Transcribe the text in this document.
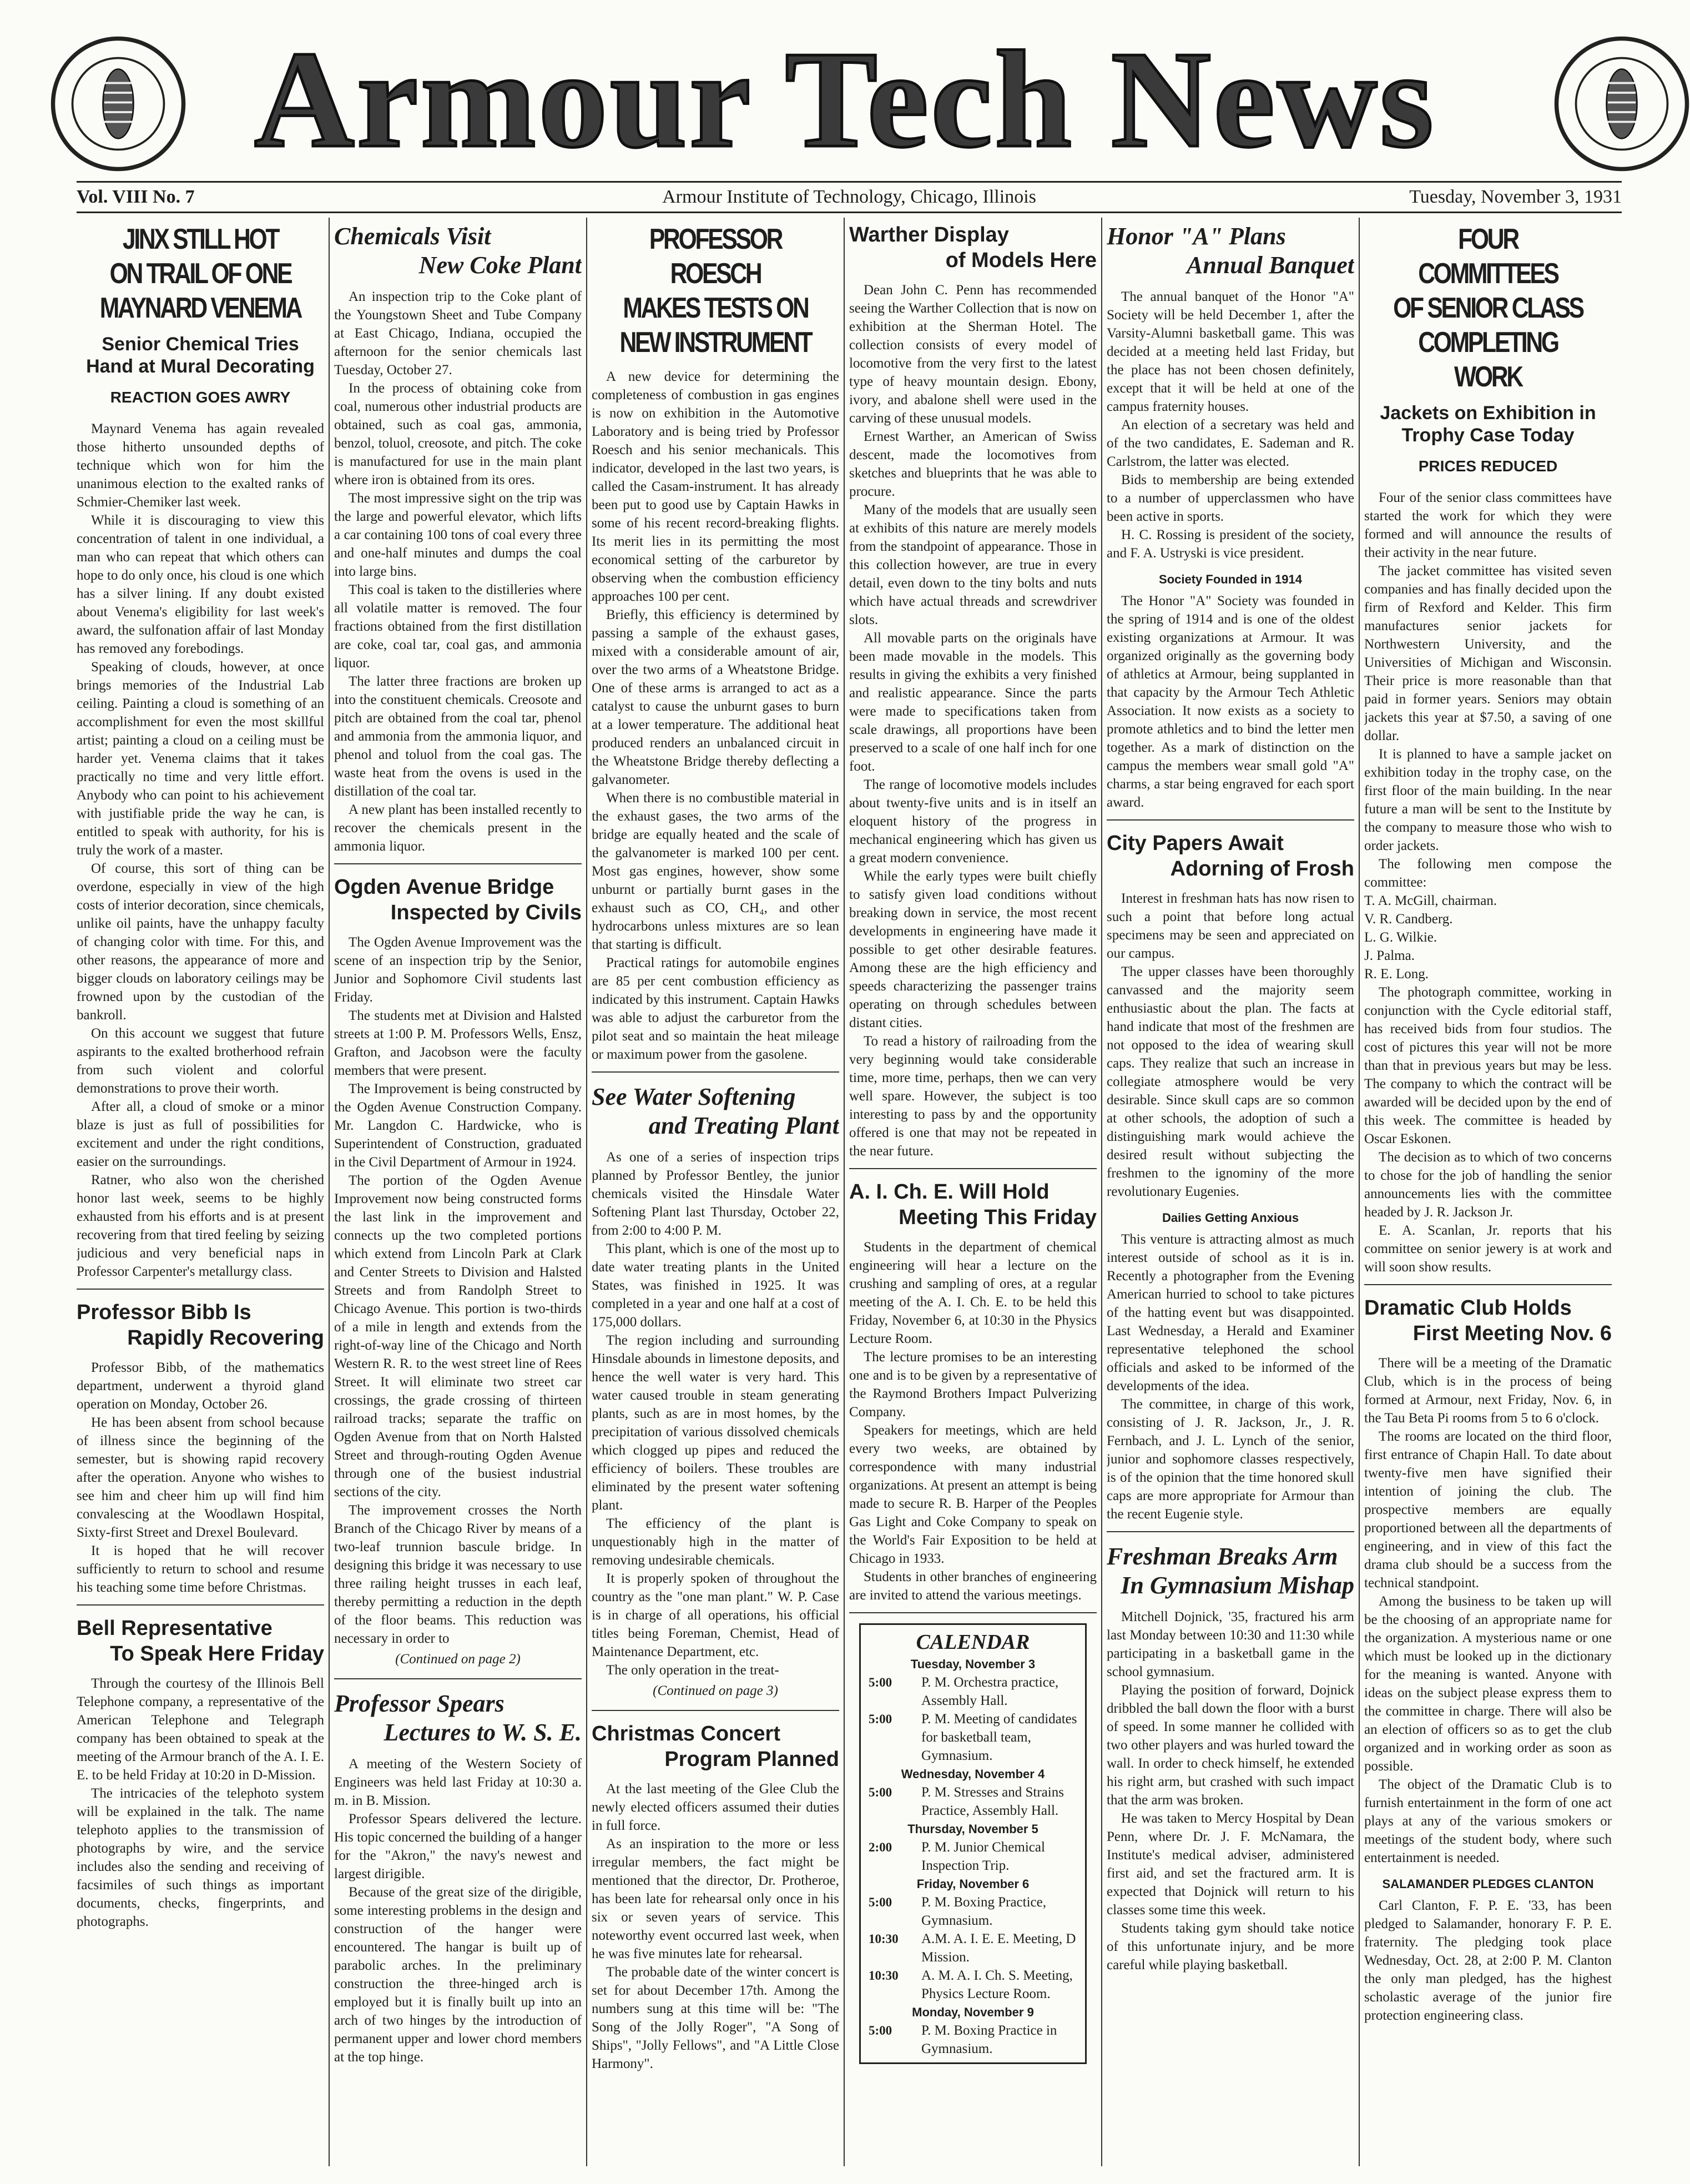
Armour Tech News
Vol. VIII No. 7	Armour Institute of Technology, Chicago, Illinois	Tuesday, November 3, 1931
JINX STILL HOT
ON TRAIL OF ONE
MAYNARD VENEMA
Senior Chemical Tries Hand at Mural Decorating
REACTION GOES AWRY

Maynard Venema has again revealed those hitherto unsounded depths of technique which won for him the unanimous election to the exalted ranks of Schmier-Chemiker last week.

While it is discouraging to view this concentration of talent in one individual, a man who can repeat that which others can hope to do only once, his cloud is one which has a silver lining. If any doubt existed about Venema's eligibility for last week's award, the sulfonation affair of last Monday has removed any forebodings.

Speaking of clouds, however, at once brings memories of the Industrial Lab ceiling. Painting a cloud is something of an accomplishment for even the most skillful artist; painting a cloud on a ceiling must be harder yet. Venema claims that it takes practically no time and very little effort. Anybody who can point to his achievement with justifiable pride the way he can, is entitled to speak with authority, for his is truly the work of a master.

Of course, this sort of thing can be overdone, especially in view of the high costs of interior decoration, since chemicals, unlike oil paints, have the unhappy faculty of changing color with time. For this, and other reasons, the appearance of more and bigger clouds on laboratory ceilings may be frowned upon by the custodian of the bankroll.

On this account we suggest that future aspirants to the exalted brotherhood refrain from such violent and colorful demonstrations to prove their worth.

After all, a cloud of smoke or a minor blaze is just as full of possibilities for excitement and under the right conditions, easier on the surroundings.

Ratner, who also won the cherished honor last week, seems to be highly exhausted from his efforts and is at present recovering from that tired feeling by seizing judicious and very beneficial naps in Professor Carpenter's metallurgy class.

Professor Bibb Is
Rapidly Recovering

Professor Bibb, of the mathematics department, underwent a thyroid gland operation on Monday, October 26.

He has been absent from school because of illness since the beginning of the semester, but is showing rapid recovery after the operation. Anyone who wishes to see him and cheer him up will find him convalescing at the Woodlawn Hospital, Sixty-first Street and Drexel Boulevard.

It is hoped that he will recover sufficiently to return to school and resume his teaching some time before Christmas.

Bell Representative
To Speak Here Friday

Through the courtesy of the Illinois Bell Telephone company, a representative of the American Telephone and Telegraph company has been obtained to speak at the meeting of the Armour branch of the A. I. E. E. to be held Friday at 10:20 in D-Mission.

The intricacies of the telephoto system will be explained in the talk. The name telephoto applies to the transmission of photographs by wire, and the service includes also the sending and receiving of facsimiles of such things as important documents, checks, fingerprints, and photographs.

Chemicals Visit
New Coke Plant

An inspection trip to the Coke plant of the Youngstown Sheet and Tube Company at East Chicago, Indiana, occupied the afternoon for the senior chemicals last Tuesday, October 27.

In the process of obtaining coke from coal, numerous other industrial products are obtained, such as coal gas, ammonia, benzol, toluol, creosote, and pitch. The coke is manufactured for use in the main plant where iron is obtained from its ores.

The most impressive sight on the trip was the large and powerful elevator, which lifts a car containing 100 tons of coal every three and one-half minutes and dumps the coal into large bins.

This coal is taken to the distilleries where all volatile matter is removed. The four fractions obtained from the first distillation are coke, coal tar, coal gas, and ammonia liquor.

The latter three fractions are broken up into the constituent chemicals. Creosote and pitch are obtained from the coal tar, phenol and ammonia from the ammonia liquor, and phenol and toluol from the coal gas. The waste heat from the ovens is used in the distillation of the coal tar.

A new plant has been installed recently to recover the chemicals present in the ammonia liquor.

Ogden Avenue Bridge
Inspected by Civils

The Ogden Avenue Improvement was the scene of an inspection trip by the Senior, Junior and Sophomore Civil students last Friday.

The students met at Division and Halsted streets at 1:00 P. M. Professors Wells, Ensz, Grafton, and Jacobson were the faculty members that were present.

The Improvement is being constructed by the Ogden Avenue Construction Company. Mr. Langdon C. Hardwicke, who is Superintendent of Construction, graduated in the Civil Department of Armour in 1924.

The portion of the Ogden Avenue Improvement now being constructed forms the last link in the improvement and connects up the two completed portions which extend from Lincoln Park at Clark and Center Streets to Division and Halsted Streets and from Randolph Street to Chicago Avenue. This portion is two-thirds of a mile in length and extends from the right-of-way line of the Chicago and North Western R. R. to the west street line of Rees Street. It will eliminate two street car crossings, the grade crossing of thirteen railroad tracks; separate the traffic on Ogden Avenue from that on North Halsted Street and through-routing Ogden Avenue through one of the busiest industrial sections of the city.

The improvement crosses the North Branch of the Chicago River by means of a two-leaf trunnion bascule bridge. In designing this bridge it was necessary to use three railing height trusses in each leaf, thereby permitting a reduction in the depth of the floor beams. This reduction was necessary in order to

(Continued on page 2)

Professor Spears
Lectures to W. S. E.

A meeting of the Western Society of Engineers was held last Friday at 10:30 a. m. in B. Mission.

Professor Spears delivered the lecture. His topic concerned the building of a hanger for the "Akron," the navy's newest and largest dirigible.

Because of the great size of the dirigible, some interesting problems in the design and construction of the hanger were encountered. The hangar is built up of parabolic arches. In the preliminary construction the three-hinged arch is employed but it is finally built up into an arch of two hinges by the introduction of permanent upper and lower chord members at the top hinge.

PROFESSOR ROESCH
MAKES TESTS ON
NEW INSTRUMENT

A new device for determining the completeness of combustion in gas engines is now on exhibition in the Automotive Laboratory and is being tried by Professor Roesch and his senior mechanicals. This indicator, developed in the last two years, is called the Casam-instrument. It has already been put to good use by Captain Hawks in some of his recent record-breaking flights. Its merit lies in its permitting the most economical setting of the carburetor by observing when the combustion efficiency approaches 100 per cent.

Briefly, this efficiency is determined by passing a sample of the exhaust gases, mixed with a considerable amount of air, over the two arms of a Wheatstone Bridge. One of these arms is arranged to act as a catalyst to cause the unburnt gases to burn at a lower temperature. The additional heat produced renders an unbalanced circuit in the Wheatstone Bridge thereby deflecting a galvanometer.

When there is no combustible material in the exhaust gases, the two arms of the bridge are equally heated and the scale of the galvanometer is marked 100 per cent. Most gas engines, however, show some unburnt or partially burnt gases in the exhaust such as CO, CH₄, and other hydrocarbons unless mixtures are so lean that starting is difficult.

Practical ratings for automobile engines are 85 per cent combustion efficiency as indicated by this instrument. Captain Hawks was able to adjust the carburetor from the pilot seat and so maintain the heat mileage or maximum power from the gasolene.

See Water Softening
and Treating Plant

As one of a series of inspection trips planned by Professor Bentley, the junior chemicals visited the Hinsdale Water Softening Plant last Thursday, October 22, from 2:00 to 4:00 P. M.

This plant, which is one of the most up to date water treating plants in the United States, was finished in 1925. It was completed in a year and one half at a cost of 175,000 dollars.

The region including and surrounding Hinsdale abounds in limestone deposits, and hence the well water is very hard. This water caused trouble in steam generating plants, such as are in most homes, by the precipitation of various dissolved chemicals which clogged up pipes and reduced the efficiency of boilers. These troubles are eliminated by the present water softening plant.

The efficiency of the plant is unquestionably high in the matter of removing undesirable chemicals.

It is properly spoken of throughout the country as the "one man plant." W. P. Case is in charge of all operations, his official titles being Foreman, Chemist, Head of Maintenance Department, etc.

The only operation in the treat-

(Continued on page 3)

Christmas Concert
Program Planned

At the last meeting of the Glee Club the newly elected officers assumed their duties in full force.

As an inspiration to the more or less irregular members, the fact might be mentioned that the director, Dr. Protheroe, has been late for rehearsal only once in his six or seven years of service. This noteworthy event occurred last week, when he was five minutes late for rehearsal.

The probable date of the winter concert is set for about December 17th. Among the numbers sung at this time will be: "The Song of the Jolly Roger", "A Song of Ships", "Jolly Fellows", and "A Little Close Harmony".

Warther Display
of Models Here

Dean John C. Penn has recommended seeing the Warther Collection that is now on exhibition at the Sherman Hotel. The collection consists of every model of locomotive from the very first to the latest type of heavy mountain design. Ebony, ivory, and abalone shell were used in the carving of these unusual models.

Ernest Warther, an American of Swiss descent, made the locomotives from sketches and blueprints that he was able to procure.

Many of the models that are usually seen at exhibits of this nature are merely models from the standpoint of appearance. Those in this collection however, are true in every detail, even down to the tiny bolts and nuts which have actual threads and screwdriver slots.

All movable parts on the originals have been made movable in the models. This results in giving the exhibits a very finished and realistic appearance. Since the parts were made to specifications taken from scale drawings, all proportions have been preserved to a scale of one half inch for one foot.

The range of locomotive models includes about twenty-five units and is in itself an eloquent history of the progress in mechanical engineering which has given us a great modern convenience.

While the early types were built chiefly to satisfy given load conditions without breaking down in service, the most recent developments in engineering have made it possible to get other desirable features. Among these are the high efficiency and speeds characterizing the passenger trains operating on through schedules between distant cities.

To read a history of railroading from the very beginning would take considerable time, more time, perhaps, then we can very well spare. However, the subject is too interesting to pass by and the opportunity offered is one that may not be repeated in the near future.

A. I. Ch. E. Will Hold
Meeting This Friday

Students in the department of chemical engineering will hear a lecture on the crushing and sampling of ores, at a regular meeting of the A. I. Ch. E. to be held this Friday, November 6, at 10:30 in the Physics Lecture Room.

The lecture promises to be an interesting one and is to be given by a representative of the Raymond Brothers Impact Pulverizing Company.

Speakers for meetings, which are held every two weeks, are obtained by correspondence with many industrial organizations. At present an attempt is being made to secure R. B. Harper of the Peoples Gas Light and Coke Company to speak on the World's Fair Exposition to be held at Chicago in 1933.

Students in other branches of engineering are invited to attend the various meetings.

CALENDAR
Tuesday, November 3
5:00	P. M. Orchestra practice, Assembly Hall.
5:00	P. M. Meeting of candidates for basketball team, Gymnasium.
Wednesday, November 4
5:00	P. M. Stresses and Strains Practice, Assembly Hall.
Thursday, November 5
2:00	P. M. Junior Chemical Inspection Trip.
Friday, November 6
5:00	P. M. Boxing Practice, Gymnasium.
10:30	A.M. A. I. E. E. Meeting, D Mission.
10:30	A. M. A. I. Ch. S. Meeting, Physics Lecture Room.
Monday, November 9
5:00	P. M. Boxing Practice in Gymnasium.
Honor "A" Plans
Annual Banquet

The annual banquet of the Honor "A" Society will be held December 1, after the Varsity-Alumni basketball game. This was decided at a meeting held last Friday, but the place has not been chosen definitely, except that it will be held at one of the campus fraternity houses.

An election of a secretary was held and of the two candidates, E. Sademan and R. Carlstrom, the latter was elected.

Bids to membership are being extended to a number of upperclassmen who have been active in sports.

H. C. Rossing is president of the society, and F. A. Ustryski is vice president.

Society Founded in 1914

The Honor "A" Society was founded in the spring of 1914 and is one of the oldest existing organizations at Armour. It was organized originally as the governing body of athletics at Armour, being supplanted in that capacity by the Armour Tech Athletic Association. It now exists as a society to promote athletics and to bind the letter men together. As a mark of distinction on the campus the members wear small gold "A" charms, a star being engraved for each sport award.

City Papers Await
Adorning of Frosh

Interest in freshman hats has now risen to such a point that before long actual specimens may be seen and appreciated on our campus.

The upper classes have been thoroughly canvassed and the majority seem enthusiastic about the plan. The facts at hand indicate that most of the freshmen are not opposed to the idea of wearing skull caps. They realize that such an increase in collegiate atmosphere would be very desirable. Since skull caps are so common at other schools, the adoption of such a distinguishing mark would achieve the desired result without subjecting the freshmen to the ignominy of the more revolutionary Eugenies.

Dailies Getting Anxious

This venture is attracting almost as much interest outside of school as it is in. Recently a photographer from the Evening American hurried to school to take pictures of the hatting event but was disappointed. Last Wednesday, a Herald and Examiner representative telephoned the school officials and asked to be informed of the developments of the idea.

The committee, in charge of this work, consisting of J. R. Jackson, Jr., J. R. Fernbach, and J. L. Lynch of the senior, junior and sophomore classes respectively, is of the opinion that the time honored skull caps are more appropriate for Armour than the recent Eugenie style.

Freshman Breaks Arm
In Gymnasium Mishap

Mitchell Dojnick, '35, fractured his arm last Monday between 10:30 and 11:30 while participating in a basketball game in the school gymnasium.

Playing the position of forward, Dojnick dribbled the ball down the floor with a burst of speed. In some manner he collided with two other players and was hurled toward the wall. In order to check himself, he extended his right arm, but crashed with such impact that the arm was broken.

He was taken to Mercy Hospital by Dean Penn, where Dr. J. F. McNamara, the Institute's medical adviser, administered first aid, and set the fractured arm. It is expected that Dojnick will return to his classes some time this week.

Students taking gym should take notice of this unfortunate injury, and be more careful while playing basketball.

FOUR COMMITTEES
OF SENIOR CLASS
COMPLETING WORK
Jackets on Exhibition in Trophy Case Today
PRICES REDUCED

Four of the senior class committees have started the work for which they were formed and will announce the results of their activity in the near future.

The jacket committee has visited seven companies and has finally decided upon the firm of Rexford and Kelder. This firm manufactures senior jackets for Northwestern University, and the Universities of Michigan and Wisconsin. Their price is more reasonable than that paid in former years. Seniors may obtain jackets this year at $7.50, a saving of one dollar.

It is planned to have a sample jacket on exhibition today in the trophy case, on the first floor of the main building. In the near future a man will be sent to the Institute by the company to measure those who wish to order jackets.

The following men compose the committee:

T. A. McGill, chairman.

V. R. Candberg.

L. G. Wilkie.

J. Palma.

R. E. Long.

The photograph committee, working in conjunction with the Cycle editorial staff, has received bids from four studios. The cost of pictures this year will not be more than that in previous years but may be less. The company to which the contract will be awarded will be decided upon by the end of this week. The committee is headed by Oscar Eskonen.

The decision as to which of two concerns to chose for the job of handling the senior announcements lies with the committee headed by J. R. Jackson Jr.

E. A. Scanlan, Jr. reports that his committee on senior jewery is at work and will soon show results.

Dramatic Club Holds
First Meeting Nov. 6

There will be a meeting of the Dramatic Club, which is in the process of being formed at Armour, next Friday, Nov. 6, in the Tau Beta Pi rooms from 5 to 6 o'clock.

The rooms are located on the third floor, first entrance of Chapin Hall. To date about twenty-five men have signified their intention of joining the club. The prospective members are equally proportioned between all the departments of engineering, and in view of this fact the drama club should be a success from the technical standpoint.

Among the business to be taken up will be the choosing of an appropriate name for the organization. A mysterious name or one which must be looked up in the dictionary for the meaning is wanted. Anyone with ideas on the subject please express them to the committee in charge. There will also be an election of officers so as to get the club organized and in working order as soon as possible.

The object of the Dramatic Club is to furnish entertainment in the form of one act plays at any of the various smokers or meetings of the student body, where such entertainment is needed.

SALAMANDER PLEDGES CLANTON

Carl Clanton, F. P. E. '33, has been pledged to Salamander, honorary F. P. E. fraternity. The pledging took place Wednesday, Oct. 28, at 2:00 P. M. Clanton the only man pledged, has the highest scholastic average of the junior fire protection engineering class.
